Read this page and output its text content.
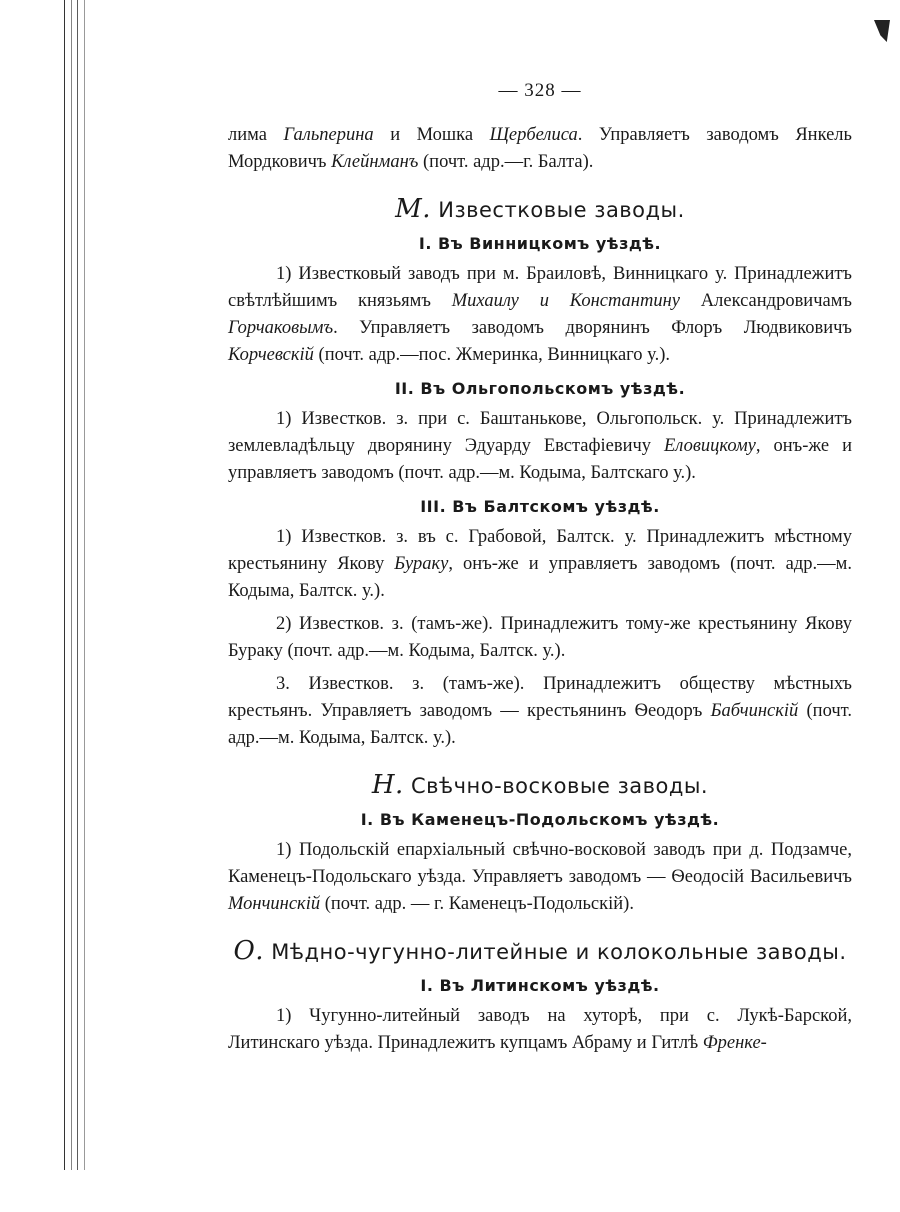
— 328 —

лима Гальперина и Мошка Щербелиса. Управляетъ заводомъ Янкель Мордковичъ Клейнманъ (почт. адр.—г. Балта).

М. Известковые заводы.
I. Въ Винницкомъ уѣздѣ.

1) Известковый заводъ при м. Браиловѣ, Винницкаго у. Принадлежитъ свѣтлѣйшимъ князьямъ Михаилу и Константину Александровичамъ Горчаковымъ. Управляетъ заводомъ дворянинъ Флоръ Людвиковичъ Корчевскій (почт. адр.—пос. Жмеринка, Винницкаго у.).

II. Въ Ольгопольскомъ уѣздѣ.

1) Известков. з. при с. Баштанькове, Ольгопольск. у. Принадлежитъ землевладѣльцу дворянину Эдуарду Евстафіевичу Еловицкому, онъ-же и управляетъ заводомъ (почт. адр.—м. Кодыма, Балтскаго у.).

III. Въ Балтскомъ уѣздѣ.

1) Известков. з. въ с. Грабовой, Балтск. у. Принадлежитъ мѣстному крестьянину Якову Бураку, онъ-же и управляетъ заводомъ (почт. адр.—м. Кодыма, Балтск. у.).

2) Известков. з. (тамъ-же). Принадлежитъ тому-же крестьянину Якову Бураку (почт. адр.—м. Кодыма, Балтск. у.).

3. Известков. з. (тамъ-же). Принадлежитъ обществу мѣстныхъ крестьянъ. Управляетъ заводомъ — крестьянинъ Ѳеодоръ Бабчинскій (почт. адр.—м. Кодыма, Балтск. у.).

Н. Свѣчно-восковые заводы.
I. Въ Каменецъ-Подольскомъ уѣздѣ.

1) Подольскій епархіальный свѣчно-восковой заводъ при д. Подзамче, Каменецъ-Подольскаго уѣзда. Управляетъ заводомъ — Ѳеодосій Васильевичъ Мончинскій (почт. адр. — г. Каменецъ-Подольскій).

О. Мѣдно-чугунно-литейные и колокольные заводы.
I. Въ Литинскомъ уѣздѣ.

1) Чугунно-литейный заводъ на хуторѣ, при с. Лукѣ-Барской, Литинскаго уѣзда. Принадлежитъ купцамъ Абраму и Гитлѣ Френке-
